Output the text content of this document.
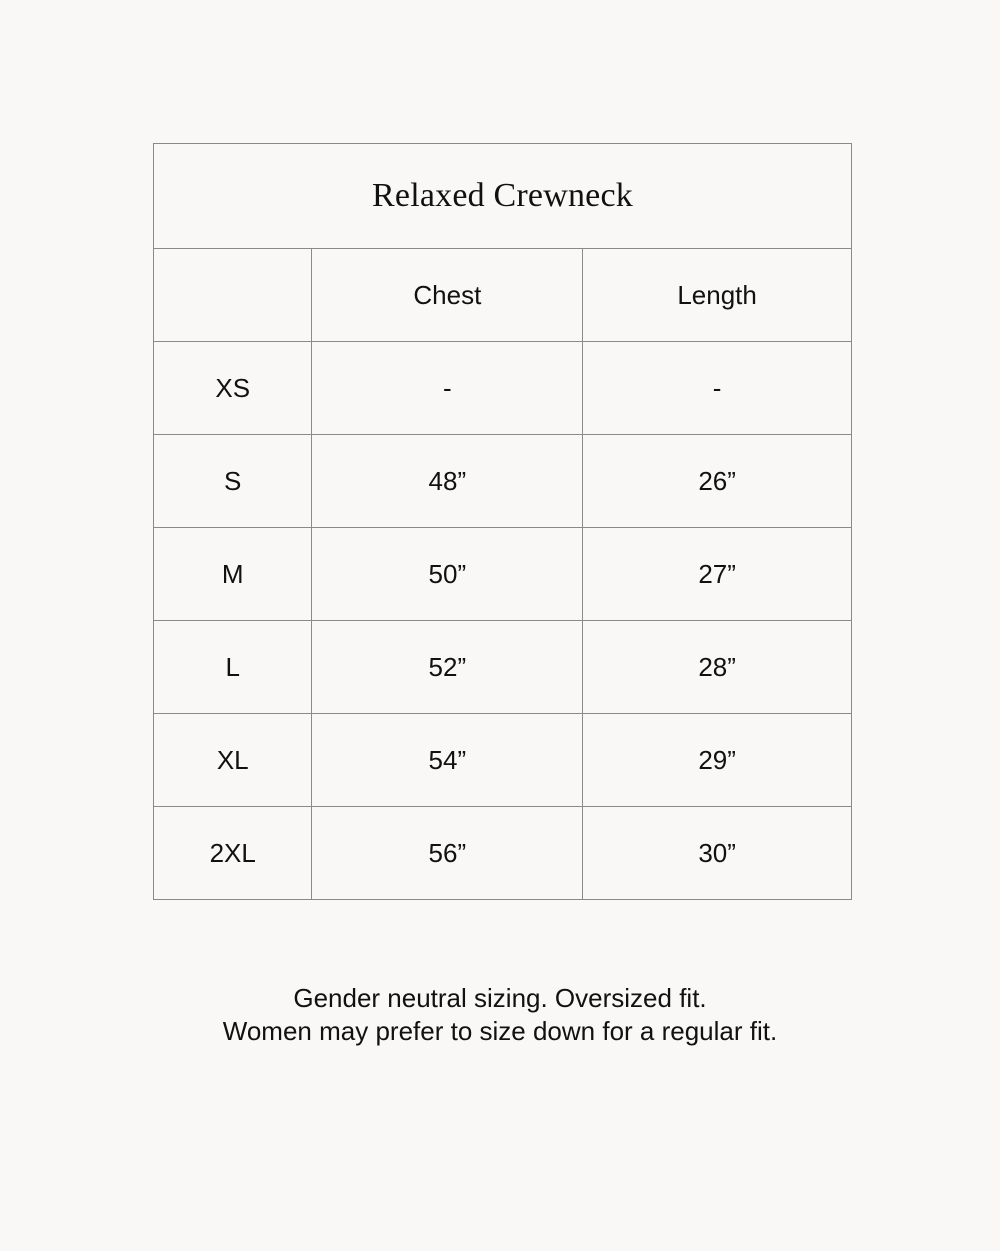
Relaxed Crewneck		
	Chest	Length
XS	-	-
S	48”	26”
M	50”	27”
L	52”	28”
XL	54”	29”
2XL	56”	30”
Gender neutral sizing. Oversized fit.
Women may prefer to size down for a regular fit.
